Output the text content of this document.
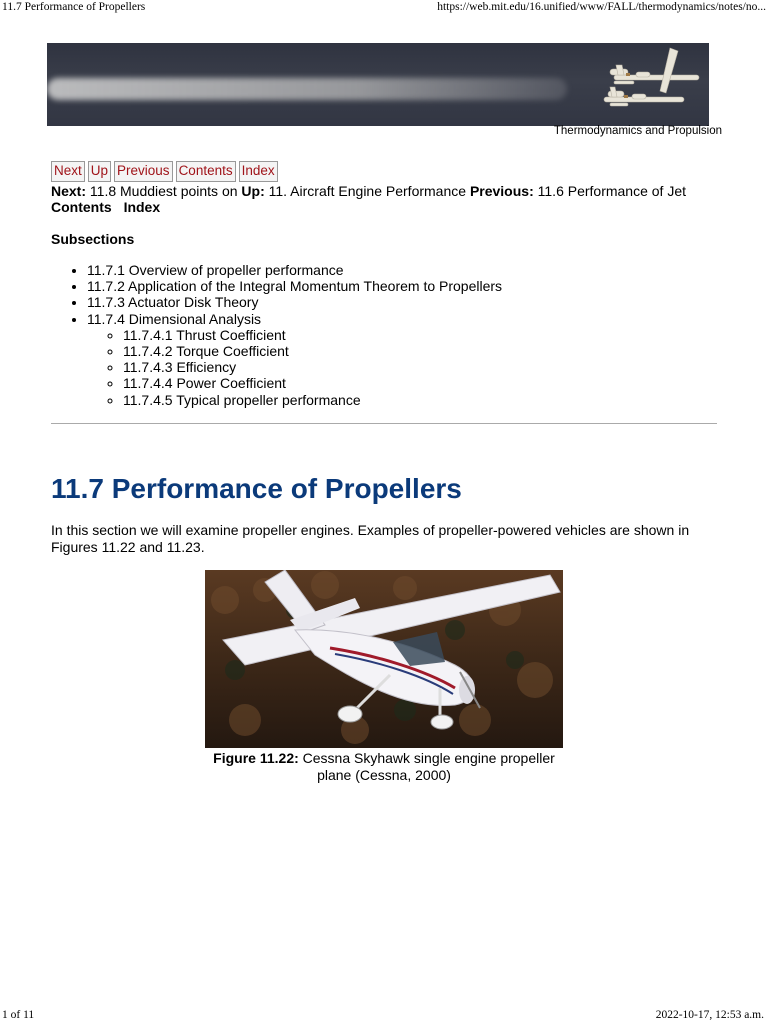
11.7 Performance of Propellers	https://web.mit.edu/16.unified/www/FALL/thermodynamics/notes/no...
Thermodynamics and Propulsion
Next Up Previous Contents Index
Next: 11.8 Muddiest points on Up: 11. Aircraft Engine Performance Previous: 11.6 Performance of Jet
Contents Index
Subsections
• 11.7.1 Overview of propeller performance
• 11.7.2 Application of the Integral Momentum Theorem to Propellers
• 11.7.3 Actuator Disk Theory
• 11.7.4 Dimensional Analysis
◦ 11.7.4.1 Thrust Coefficient
◦ 11.7.4.2 Torque Coefficient
◦ 11.7.4.3 Efficiency
◦ 11.7.4.4 Power Coefficient
◦ 11.7.4.5 Typical propeller performance
11.7 Performance of Propellers

In this section we will examine propeller engines. Examples of propeller-powered vehicles are shown in Figures 11.22 and 11.23.

Figure 11.22: Cessna Skyhawk single engine propeller plane (Cessna, 2000)
1 of 11	2022-10-17, 12:53 a.m.
